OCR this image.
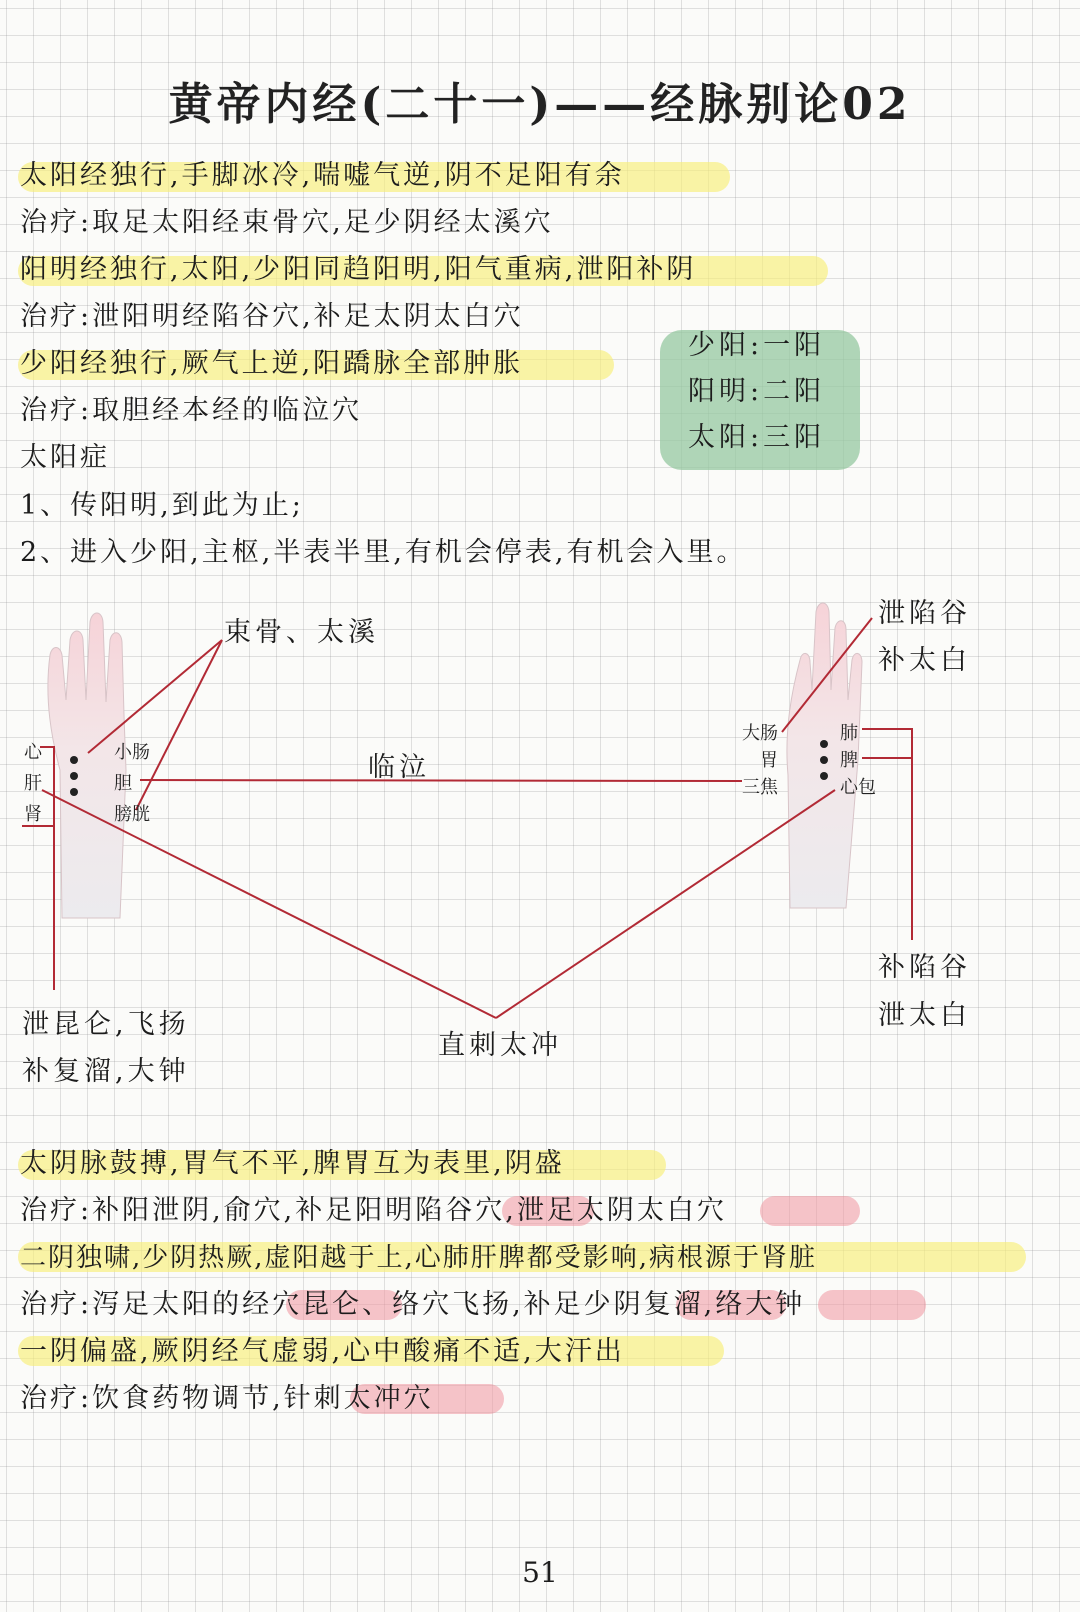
黄帝内经(二十一)——经脉别论02
少阳:一阳
阳明:二阳
太阳:三阳
太阳经独行,手脚冰冷,喘嘘气逆,阴不足阳有余
治疗:取足太阳经束骨穴,足少阴经太溪穴
阳明经独行,太阳,少阳同趋阳明,阳气重病,泄阳补阴
治疗:泄阳明经陷谷穴,补足太阴太白穴
少阳经独行,厥气上逆,阳蹻脉全部肿胀
治疗:取胆经本经的临泣穴
太阳症
1、传阳明,到此为止;
2、进入少阳,主枢,半表半里,有机会停表,有机会入里。
心
肝
肾
小肠
胆
膀胱
大肠
胃
三焦
肺
脾
心包
束骨、太溪
临泣
泄陷谷
补太白
补陷谷
泄太白
泄昆仑,飞扬
补复溜,大钟
直刺太冲
太阴脉鼓搏,胃气不平,脾胃互为表里,阴盛
治疗:补阳泄阴,俞穴,补足阳明陷谷穴,泄足太阴太白穴
二阴独啸,少阴热厥,虚阳越于上,心肺肝脾都受影响,病根源于肾脏
治疗:泻足太阳的经穴昆仑、络穴飞扬,补足少阴复溜,络大钟
一阴偏盛,厥阴经气虚弱,心中酸痛不适,大汗出
治疗:饮食药物调节,针刺太冲穴
51
